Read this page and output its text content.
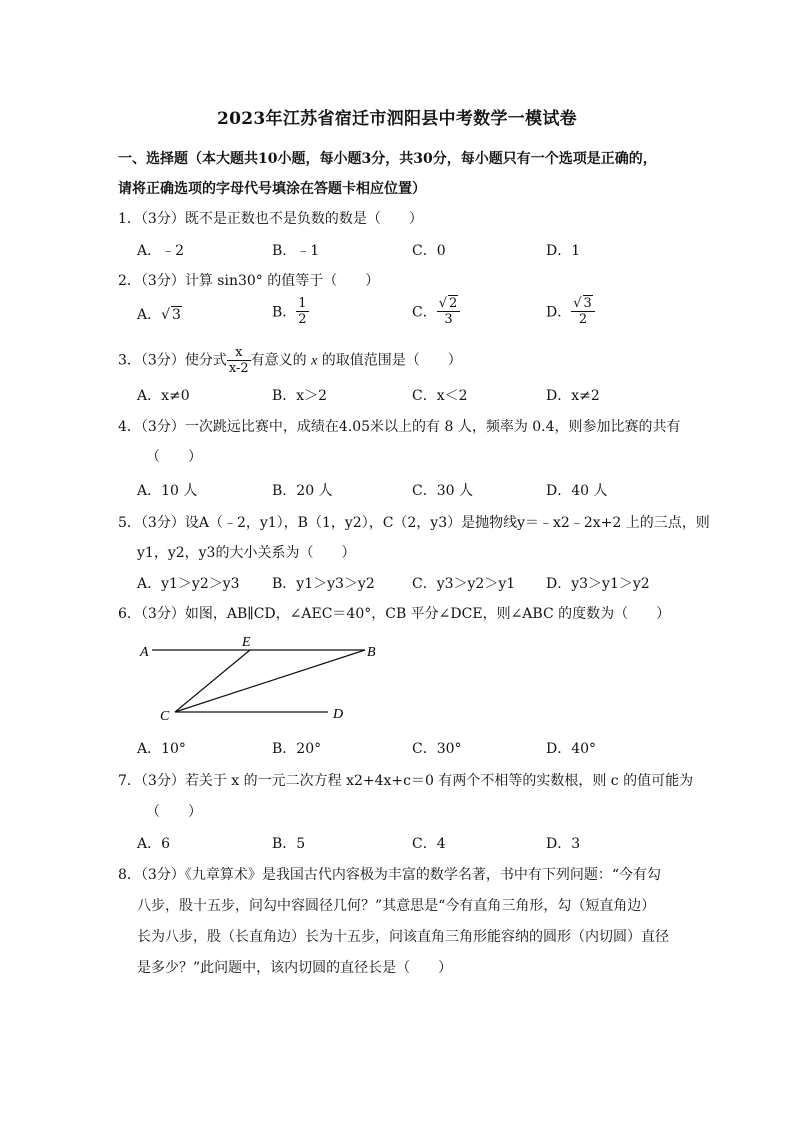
2023年江苏省宿迁市泗阳县中考数学一模试卷
一、选择题（本大题共10小题，每小题3分，共30分，每小题只有一个选项是正确的，
请将正确选项的字母代号填涂在答题卡相应位置）
1．（3分）既不是正数也不是负数的数是（　　）
A．﹣2	B．﹣1	C．0	D．1
2．（3分）计算 sin30° 的值等于（　　）
A．√ 3	B． $\frac{1}{2}$	C． $\frac{√ 2}{3}$	D． $\frac{√ 3}{2}$
3．（3分）使分式 $\frac{x}{x-2}$ 有意义的 x 的取值范围是（　　）
A．x≠0	B．x＞2	C．x＜2	D．x≠2
4．（3分）一次跳远比赛中，成绩在4.05米以上的有 8 人，频率为 0.4，则参加比赛的共有
（　　）
A．10 人	B．20 人	C．30 人	D．40 人
5．（3分）设A（﹣2，y1），B（1，y2），C（2，y3）是抛物线y＝﹣x2﹣2x+2 上的三点，则
y1，y2，y3的大小关系为（　　）
A．y1＞y2＞y3 B．y1＞y3＞y2	C．y3＞y2＞y1 D．y3＞y1＞y2
6．（3分）如图，AB∥CD，∠AEC＝40°，CB 平分∠DCE，则∠ABC 的度数为（　　）
A
E
B
C	D
A．10°	B．20°	C．30°	D．40°
7．（3分）若关于 x 的一元二次方程 x2+4x+c＝0 有两个不相等的实数根，则 c 的值可能为
（　　）
A．6	B．5	C．4	D．3
8．（3分）《九章算术》是我国古代内容极为丰富的数学名著，书中有下列问题：“今有勾
八步，股十五步，问勾中容圆径几何？”其意思是“今有直角三角形，勾（短直角边）
长为八步，股（长直角边）长为十五步，问该直角三角形能容纳的圆形（内切圆）直径
是多少？”此问题中，该内切圆的直径长是（　　）
